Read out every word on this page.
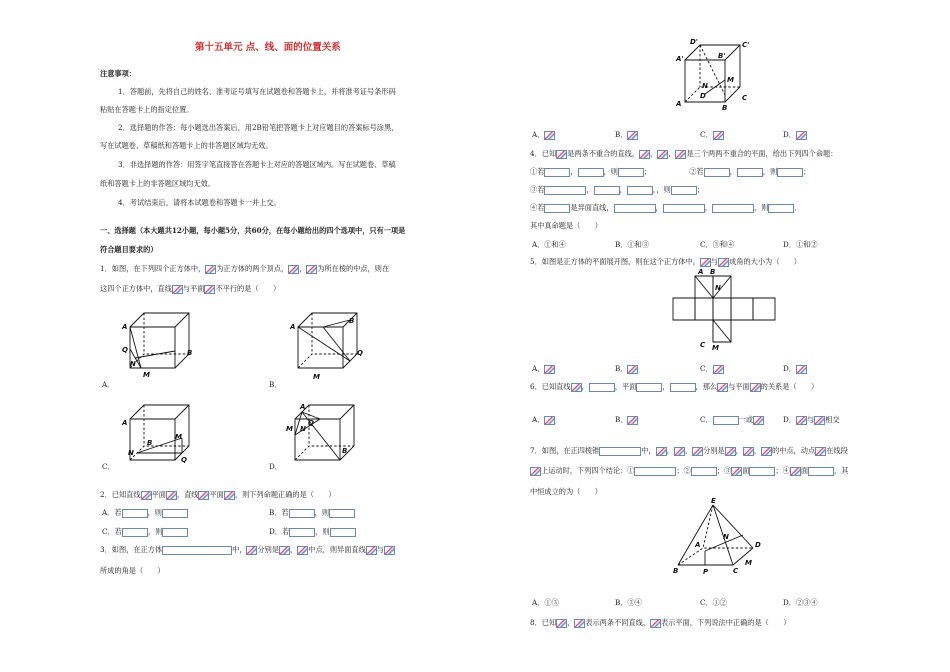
第十五单元 点、线、面的位置关系
注意事项：
1．答题前，先将自己的姓名、准考证号填写在试题卷和答题卡上，并将准考证号条形码
粘贴在答题卡上的指定位置。
2．选择题的作答：每小题选出答案后，用2B铅笔把答题卡上对应题目的答案标号涂黑，
写在试题卷、草稿纸和答题卡上的非答题区域均无效。
3．非选择题的作答：用签字笔直接答在答题卡上对应的答题区域内。写在试题卷、草稿
纸和答题卡上的非答题区域均无效。
4．考试结束后，请将本试题卷和答题卡一并上交。
一、选择题（本大题共12小题，每小题5分，共60分，在每小题给出的四个选项中，只有一项是
符合题目要求的）
1．如图，在下列四个正方体中， 为正方体的两个顶点， ， 为所在棱的中点，则在
这四个正方体中，直线 与平面 不平行的是（　　）
A
Q
N
M
B
A．
A
B
Q
M
B．
A
B
N
M
Q
C．
A
M N
Q
B
D．
2．已知直线 平面 ，直线 平面 ，则下列命题正确的是（　　）
A．若	，则	B．若	，则
C．若	，则	D．若	，则
3．如图，在正方体	中， 分别是 ， 中点，则异面直线 与
所成的角是（　　）
D'	C'
A'	B'
N
M
D
A	B
C
A．	B．	C．	D．
4．已知 是两条不重合的直线， ， ， 是三个两两不重合的平面，给出下列四个命题：
①若	，	，则	；	②若	，	，则	；
③若	，	，	，，则	；
④若	是异面直线，	，	，	，则	．
其中真命题是（　　）
A．①和④	B．①和③	C．③和④	D．①和②
5．如图是正方体的平面展开图，则在这个正方体中， 与 成角的大小为（　　）
A B
C
N
M
A．	B．	C．	D．
6．已知直线 ，	，平面	，	，那么 与平面 的关系是（　　）
A．	B．	C．	一或	D． 与 相交
7．如图，在正四棱锥	中， ， ， 分别是 ， ， 的中点，动点 在线段
上运动时，下列四个结论：①	；②	；③ 面	；④ 面	，其
中恒成立的为（　　）
E
N
D
A
B	P	C
M
A．①③	B．③④	C．①②	D．②③④
8．已知 ， 表示两条不同直线， 表示平面，下列说法中正确的是（　　）
